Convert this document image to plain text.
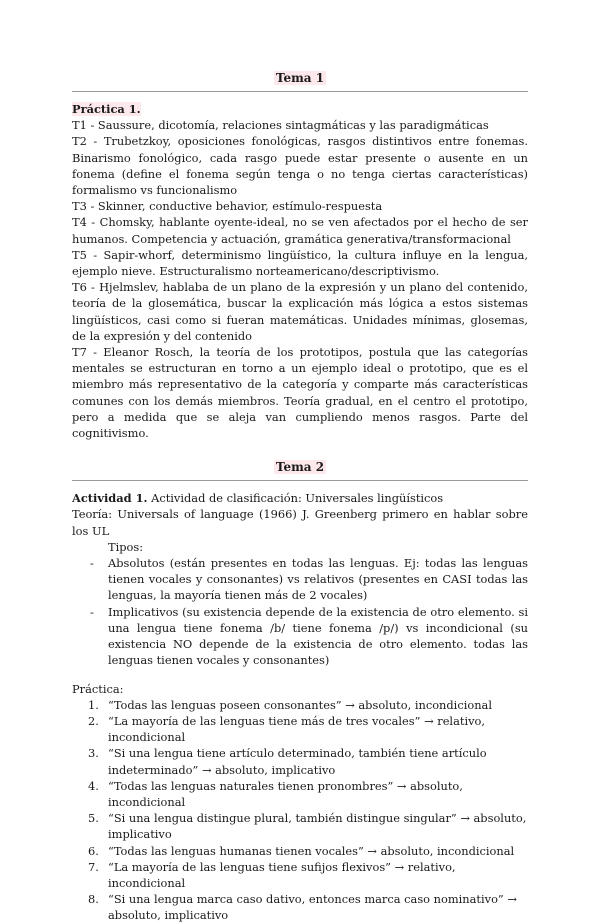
Tema 1
Práctica 1.

T1 - Saussure, dicotomía, relaciones sintagmáticas y las paradigmáticas

T2 - Trubetzkoy, oposiciones fonológicas, rasgos distintivos entre fonemas. Binarismo fonológico, cada rasgo puede estar presente o ausente en un fonema (define el fonema según tenga o no tenga ciertas características) formalismo vs funcionalismo

T3 - Skinner, conductive behavior, estímulo-respuesta

T4 - Chomsky, hablante oyente-ideal, no se ven afectados por el hecho de ser humanos. Competencia y actuación, gramática generativa/transformacional

T5 - Sapir-whorf, determinismo lingüístico, la cultura influye en la lengua, ejemplo nieve. Estructuralismo norteamericano/descriptivismo.

T6 - Hjelmslev, hablaba de un plano de la expresión y un plano del contenido, teoría de la glosemática, buscar la explicación más lógica a estos sistemas lingüísticos, casi como si fueran matemáticas. Unidades mínimas, glosemas, de la expresión y del contenido

T7 - Eleanor Rosch, la teoría de los prototipos, postula que las categorías mentales se estructuran en torno a un ejemplo ideal o prototipo, que es el miembro más representativo de la categoría y comparte más características comunes con los demás miembros. Teoría gradual, en el centro el prototipo, pero a medida que se aleja van cumpliendo menos rasgos. Parte del cognitivismo.

Tema 2

Actividad 1. Actividad de clasificación: Universales lingüísticos

Teoría: Universals of language (1966) J. Greenberg primero en hablar sobre los UL

Tipos:
- Absolutos (están presentes en todas las lenguas. Ej: todas las lenguas tienen vocales y consonantes) vs relativos (presentes en CASI todas las lenguas, la mayoría tienen más de 2 vocales)
- Implicativos (su existencia depende de la existencia de otro elemento. si una lengua tiene fonema /b/ tiene fonema /p/) vs incondicional (su existencia NO depende de la existencia de otro elemento. todas las lenguas tienen vocales y consonantes)

Práctica:

1. “Todas las lenguas poseen consonantes” → absoluto, incondicional
2. “La mayoría de las lenguas tiene más de tres vocales” → relativo, incondicional
3. “Si una lengua tiene artículo determinado, también tiene artículo indeterminado” → absoluto, implicativo
4. “Todas las lenguas naturales tienen pronombres” → absoluto, incondicional
5. “Si una lengua distingue plural, también distingue singular” → absoluto, implicativo
6. “Todas las lenguas humanas tienen vocales” → absoluto, incondicional
7. “La mayoría de las lenguas tiene sufijos flexivos” → relativo, incondicional
8. “Si una lengua marca caso dativo, entonces marca caso nominativo” → absoluto, implicativo
